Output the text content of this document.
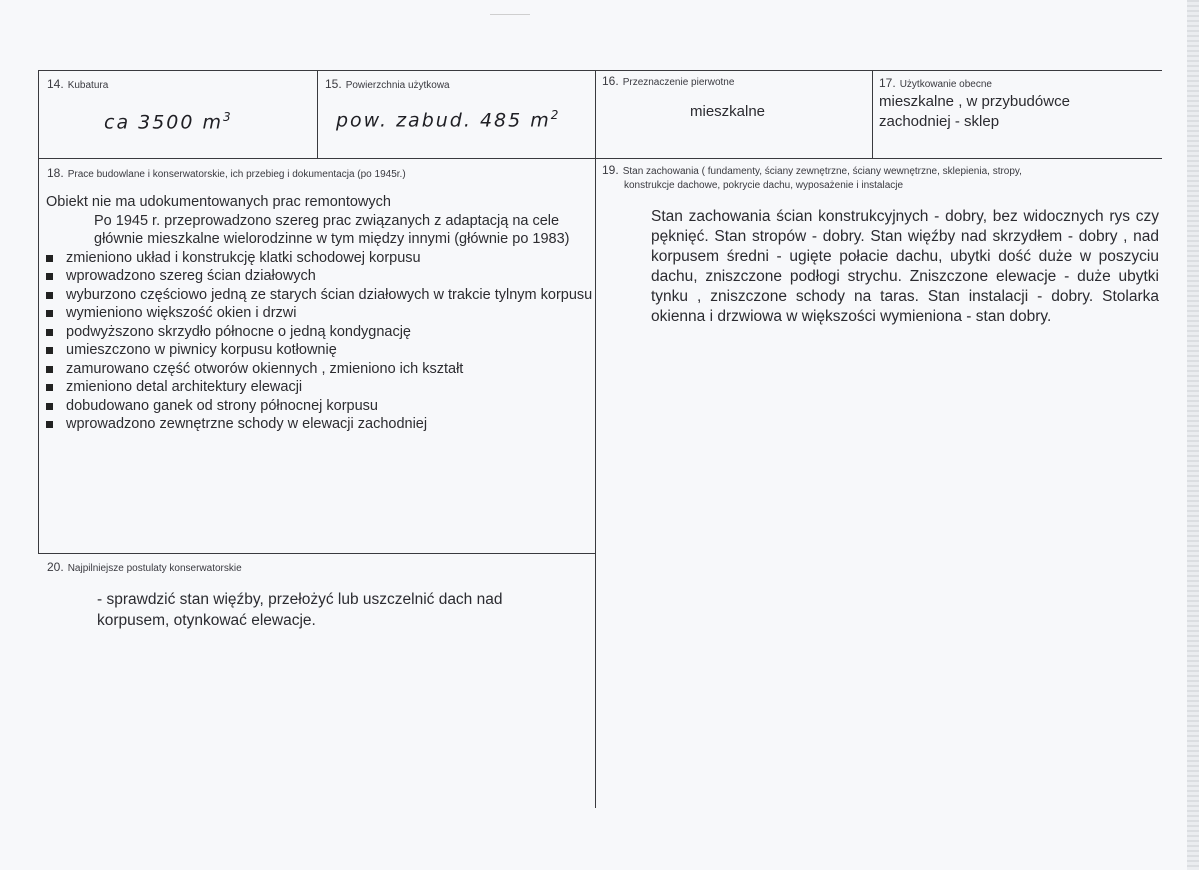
14. Kubatura
ca 3500 $m^3$
15. Powierzchnia użytkowa
pow. zabud. 485 $m^2$
16. Przeznaczenie pierwotne
mieszkalne
17. Użytkowanie obecne
mieszkalne , w przybudówce
zachodniej - sklep
18. Prace budowlane i konserwatorskie, ich przebieg i dokumentacja (po 1945r.)

Obiekt nie ma udokumentowanych prac remontowych

Po 1945 r. przeprowadzono szereg prac związanych z adaptacją na cele głównie mieszkalne wielorodzinne w tym między innymi (głównie po 1983)

zmieniono układ i konstrukcję klatki schodowej korpusu
wprowadzono szereg ścian działowych
wyburzono częściowo jedną ze starych ścian działowych w trakcie tylnym korpusu
wymieniono większość okien i drzwi
podwyższono skrzydło północne o jedną kondygnację
umieszczono w piwnicy korpusu kotłownię
zamurowano część otworów okiennych , zmieniono ich kształt
zmieniono detal architektury elewacji
dobudowano ganek od strony północnej korpusu
wprowadzono zewnętrzne schody w elewacji zachodniej
19. Stan zachowania ( fundamenty, ściany zewnętrzne, ściany wewnętrzne, sklepienia, stropy,
konstrukcje dachowe, pokrycie dachu, wyposażenie i instalacje
Stan zachowania ścian konstrukcyjnych - dobry, bez widocznych rys czy pęknięć. Stan stropów - dobry. Stan więźby nad skrzydłem - dobry , nad korpusem średni - ugięte połacie dachu, ubytki dość duże w poszyciu dachu, zniszczone podłogi strychu. Zniszczone elewacje - duże ubytki tynku , zniszczone schody na taras. Stan instalacji - dobry. Stolarka okienna i drzwiowa w większości wymieniona - stan dobry.
20. Najpilniejsze postulaty konserwatorskie
- sprawdzić stan więźby, przełożyć lub uszczelnić dach nad korpusem, otynkować elewacje.
